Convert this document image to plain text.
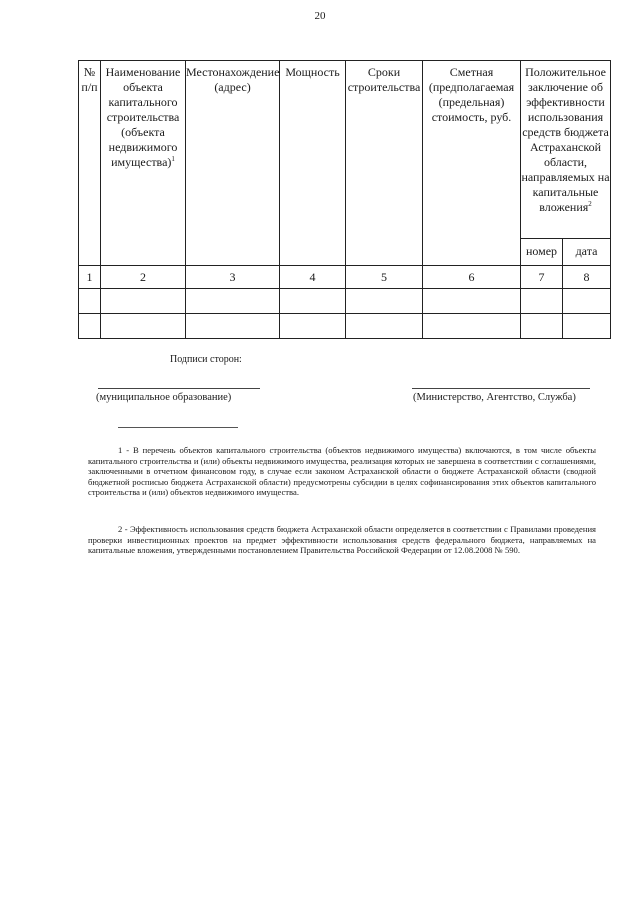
20
№ п/п	Наименование объекта капитального строительства (объекта недвижимого имущества)$^1$	Местонахождение (адрес)	Мощность	Сроки строительства	Сметная (предполагаемая (предельная) стоимость, руб.	Положительное заключение об эффективности использования средств бюджета Астраханской области, направляемых на капитальные вложения$^2$
						номер	дата
1	2	3	4	5	6	7	8

Подписи сторон:
(муниципальное образование)	(Министерство, Агентство, Служба)

1 - В перечень объектов капитального строительства (объектов недвижимого имущества) включаются, в том числе объекты капитального строительства и (или) объекты недвижимого имущества, реализация которых не завершена в соответствии с соглашениями, заключенными в отчетном финансовом году, в случае если законом Астраханской области о бюджете Астраханской области (сводной бюджетной росписью бюджета Астраханской области) предусмотрены субсидии в целях софинансирования этих объектов капитального строительства и (или) объектов недвижимого имущества.

2 - Эффективность использования средств бюджета Астраханской области определяется в соответствии с Правилами проведения проверки инвестиционных проектов на предмет эффективности использования средств федерального бюджета, направляемых на капитальные вложения, утвержденными постановлением Правительства Российской Федерации от 12.08.2008 № 590.
